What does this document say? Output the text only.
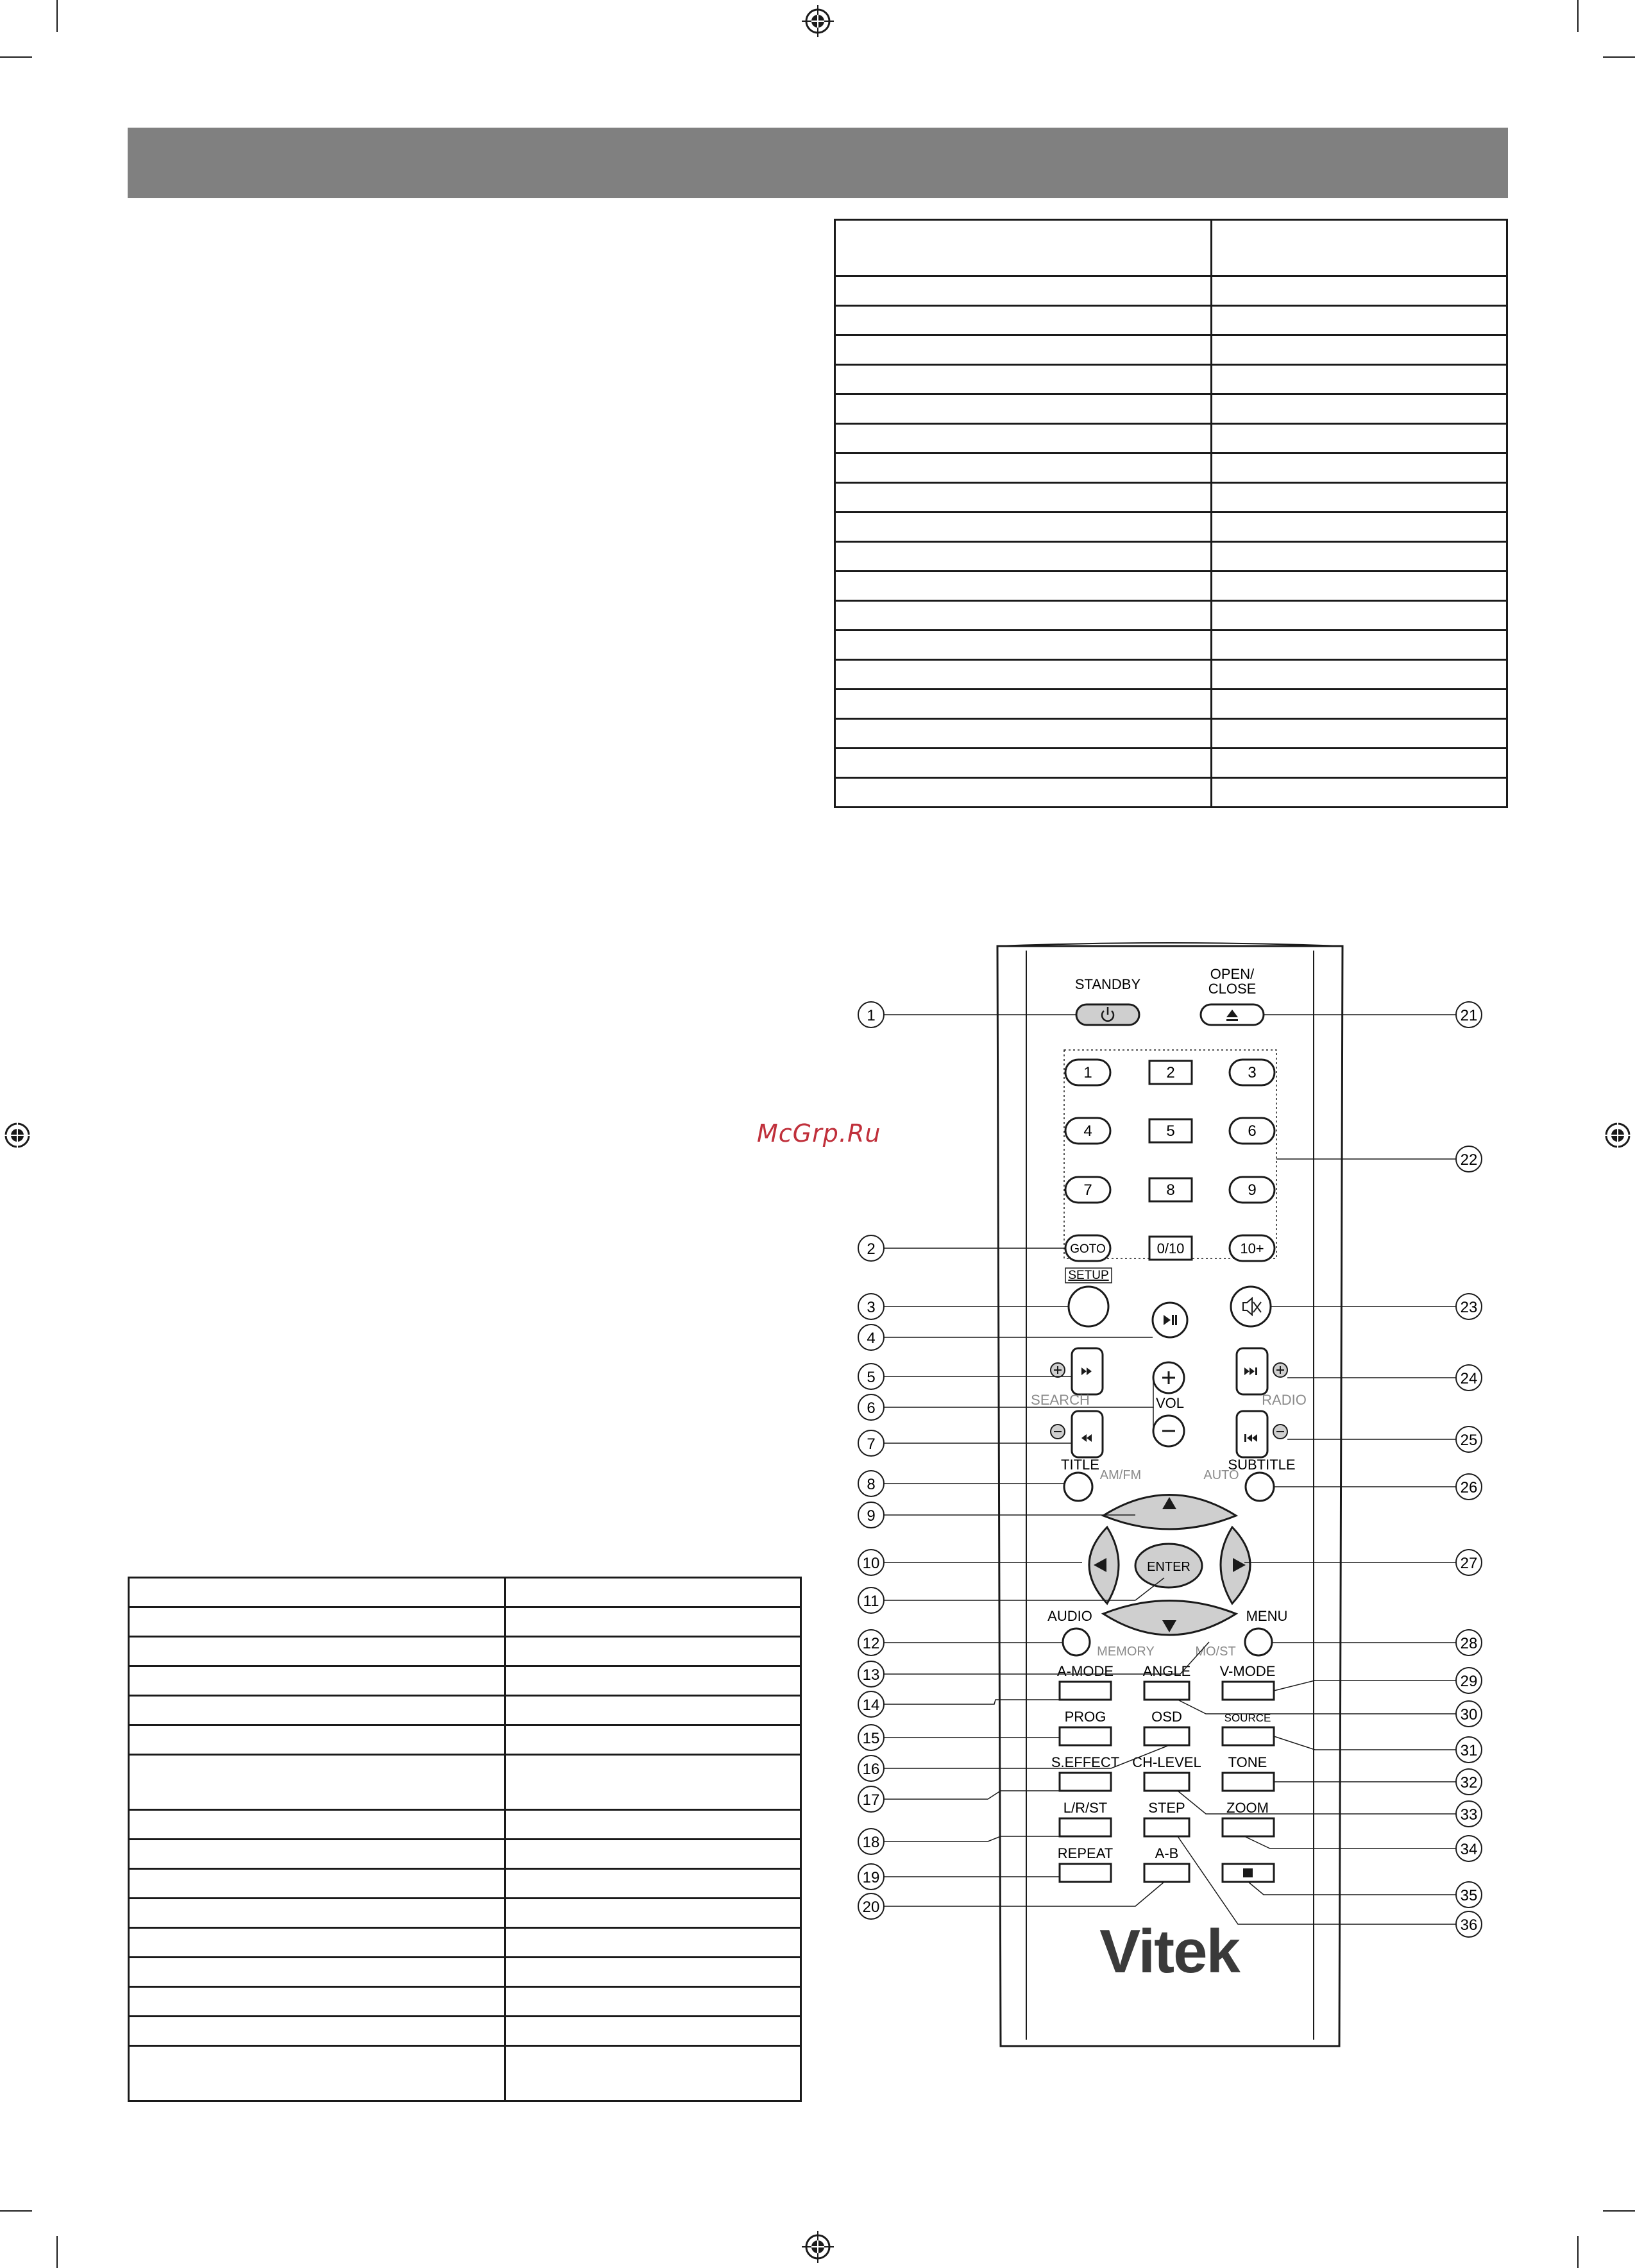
McGrp.Ru
STANDBY
OPEN/
CLOSE
1	2	3
4	5	6
7	8	9
GOTO	0/10	10+
SETUP
SEARCH	VOL	RADIO
TITLE
AM/FM
SUBTITLE
AUTO
ENTER
AUDIO
MEMORY
MENU
MO/ST
A-MODE ANGLE V-MODE
PROG	OSD	SOURCE
S.EFFECT CH-LEVEL TONE
L/R/ST	STEP	ZOOM
REPEAT	A-B
Vitek
1
2
3
4
5
6
7
8
9
10
11
12
13
14
15
16
17
18
19
20
21
22
23
24
25
26
27
28
29
30
31
32
33
34
35
36
